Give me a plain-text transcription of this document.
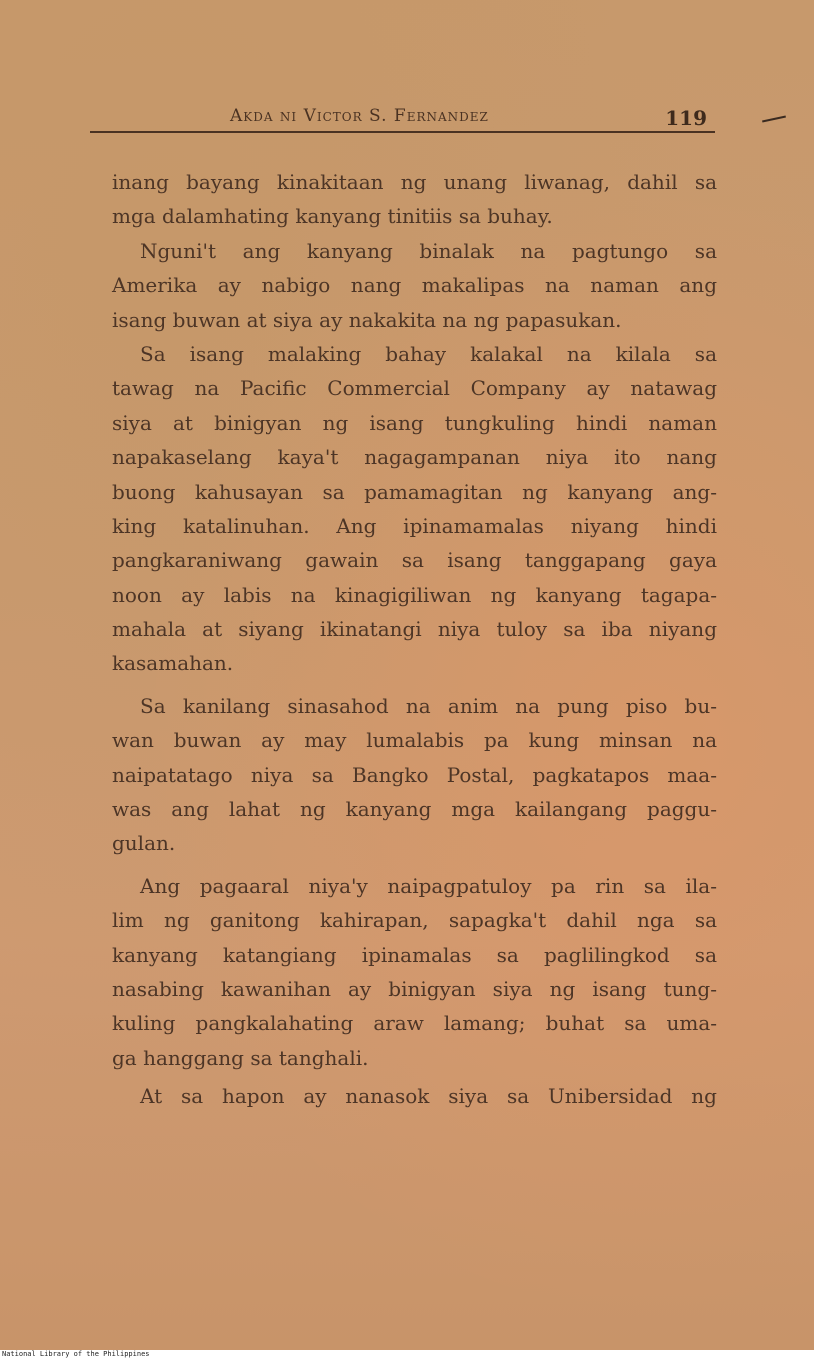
Akda ni Victor S. Fernandez	119
inang bayang kinakitaan ng unang liwanag, dahil sa
mga dalamhating kanyang tinitiis sa buhay.
Nguni't ang kanyang binalak na pagtungo sa
Amerika ay nabigo nang makalipas na naman ang
isang buwan at siya ay nakakita na ng papasukan.
Sa isang malaking bahay kalakal na kilala sa
tawag na Pacific Commercial Company ay natawag
siya at binigyan ng isang tungkuling hindi naman
napakaselang kaya't nagagampanan niya ito nang
buong kahusayan sa pamamagitan ng kanyang ang-
king katalinuhan. Ang ipinamamalas niyang hindi
pangkaraniwang gawain sa isang tanggapang gaya
noon ay labis na kinagigiliwan ng kanyang tagapa-
mahala at siyang ikinatangi niya tuloy sa iba niyang
kasamahan.
Sa kanilang sinasahod na anim na pung piso bu-
wan buwan ay may lumalabis pa kung minsan na
naipatatago niya sa Bangko Postal, pagkatapos maa-
was ang lahat ng kanyang mga kailangang paggu-
gulan.
Ang pagaaral niya'y naipagpatuloy pa rin sa ila-
lim ng ganitong kahirapan, sapagka't dahil nga sa
kanyang katangiang ipinamalas sa paglilingkod sa
nasabing kawanihan ay binigyan siya ng isang tung-
kuling pangkalahating araw lamang; buhat sa uma-
ga hanggang sa tanghali.
At sa hapon ay nanasok siya sa Unibersidad ng
National Library of the Philippines
